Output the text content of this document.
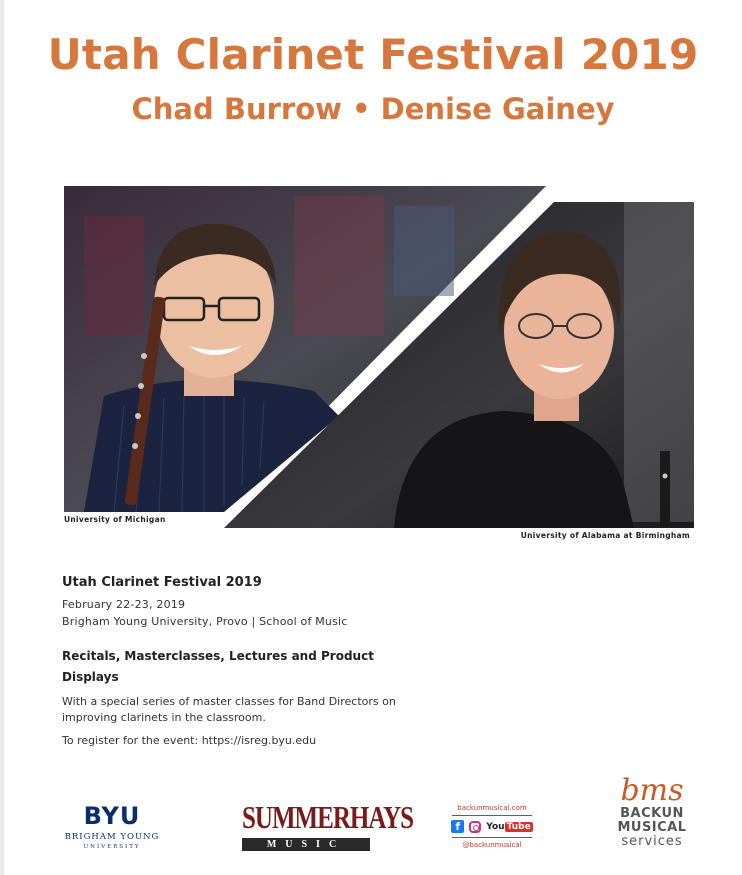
Utah Clarinet Festival 2019
Chad Burrow • Denise Gainey
University of Michigan
University of Alabama at Birmingham
Utah Clarinet Festival 2019
February 22-23, 2019
Brigham Young University, Provo | School of Music
Recitals, Masterclasses, Lectures and Product Displays
With a special series of master classes for Band Directors on improving clarinets in the classroom.
To register for the event: https://isreg.byu.edu
BYU
BRIGHAM YOUNG
UNIVERSITY
SUMMERHAYS
MUSIC
backunmusical.com
f	You Tube
@backunmusical
bms
BACKUN
MUSICAL
services
